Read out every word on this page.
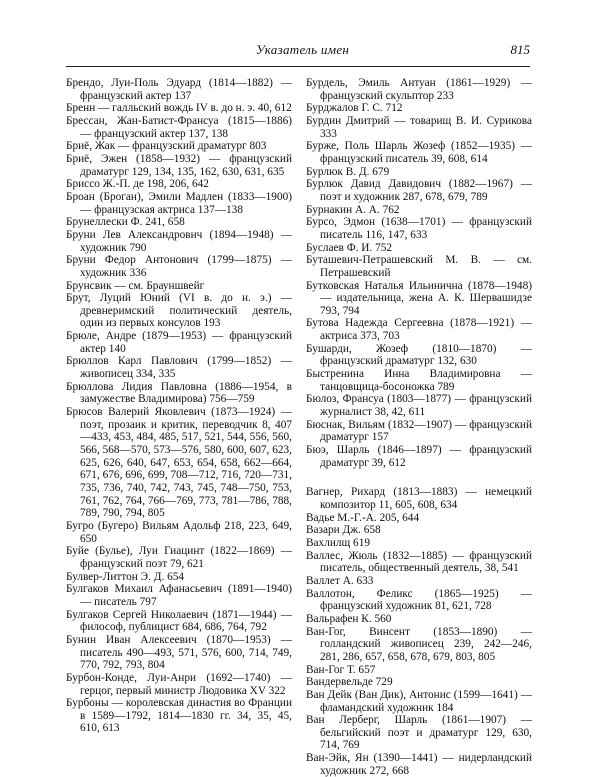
Указатель имен	815

Брендо, Луи-Поль Эдуард (1814—1882) — французский актер 137

Бренн — галльский вождь IV в. до н. э. 40, 612

Брессан, Жан-Батист-Франсуа (1815—1886) — французский актер 137, 138

Бриё, Жак — французский драматург 803

Бриё, Эжен (1858—1932) — французский драматург 129, 134, 135, 162, 630, 631, 635

Бриссо Ж.-П. де 198, 206, 642

Броан (Броган), Эмили Мадлен (1833—1900) — французская актриса 137—138

Брунеллески Ф. 241, 658

Бруни Лев Александрович (1894—1948) — художник 790

Бруни Федор Антонович (1799—1875) — художник 336

Брунсвик — см. Брауншвейг

Брут, Луций Юний (VI в. до н. э.) — древнеримский политический деятель, один из первых консулов 193

Брюле, Андре (1879—1953) — французский актер 140

Брюллов Карл Павлович (1799—1852) — живописец 334, 335

Брюллова Лидия Павловна (1886—1954, в замужестве Владимирова) 756—759

Брюсов Валерий Яковлевич (1873—1924) — поэт, прозаик и критик, переводчик 8, 407—433, 453, 484, 485, 517, 521, 544, 556, 560, 566, 568—570, 573—576, 580, 600, 607, 623, 625, 626, 640, 647, 653, 654, 658, 662—664, 671, 676, 696, 699, 708—712, 716, 720—731, 735, 736, 740, 742, 743, 745, 748—750, 753, 761, 762, 764, 766—769, 773, 781—786, 788, 789, 790, 794, 805

Бугро (Бугеро) Вильям Адольф 218, 223, 649, 650

Буйе (Булье), Луи Гиацинт (1822—1869) — французский поэт 79, 621

Булвер-Литтон Э. Д. 654

Булгаков Михаил Афанасьевич (1891—1940) — писатель 797

Булгаков Сергей Николаевич (1871—1944) — философ, публицист 684, 686, 764, 792

Бунин Иван Алексеевич (1870—1953) — писатель 490—493, 571, 576, 600, 714, 749, 770, 792, 793, 804

Бурбон-Конде, Луи-Анри (1692—1740) — герцог, первый министр Людовика XV 322

Бурбоны — королевская династия во Франции в 1589—1792, 1814—1830 гг. 34, 35, 45, 610, 613

Бурдель, Эмиль Антуан (1861—1929) — французский скульптор 233

Бурджалов Г. С. 712

Бурдин Дмитрий — товарищ В. И. Сурикова 333

Бурже, Поль Шарль Жозеф (1852—1935) — французский писатель 39, 608, 614

Бурлюк В. Д. 679

Бурлюк Давид Давидович (1882—1967) — поэт и художник 287, 678, 679, 789

Бурнакин А. А. 762

Бурсо, Эдмон (1638—1701) — французский писатель 116, 147, 633

Буслаев Ф. И. 752

Буташевич-Петрашевский М. В. — см. Петрашевский

Бутковская Наталья Ильинична (1878—1948) — издательница, жена А. К. Шервашидзе 793, 794

Бутова Надежда Сергеевна (1878—1921) — актриса 373, 703

Бушарди, Жозеф (1810—1870) — французский драматург 132, 630

Быстренина Инна Владимировна — танцовщица-босоножка 789

Бюлоз, Франсуа (1803—1877) — французский журналист 38, 42, 611

Бюснак, Вильям (1832—1907) — французский драматург 157

Бюэ, Шарль (1846—1897) — французский драматург 39, 612

Вагнер, Рихард (1813—1883) — немецкий композитор 11, 605, 608, 634

Вадье М.-Г.-А. 205, 644

Вазари Дж. 658

Вахлилщ 619

Валлес, Жюль (1832—1885) — французский писатель, общественный деятель, 38, 541

Валлет А. 633

Валлотон, Феликс (1865—1925) — французский художник 81, 621, 728

Вальрафен К. 560

Ван-Гог, Винсент (1853—1890) — голландский живописец 239, 242—246, 281, 286, 657, 658, 678, 679, 803, 805

Ван-Гог Т. 657

Вандервельде 729

Ван Дейк (Ван Дик), Антонис (1599—1641) — фламандский художник 184

Ван Лерберг, Шарль (1861—1907) — бельгийский поэт и драматург 129, 630, 714, 769

Ван-Эйк, Ян (1390—1441) — нидерландский художник 272, 668
